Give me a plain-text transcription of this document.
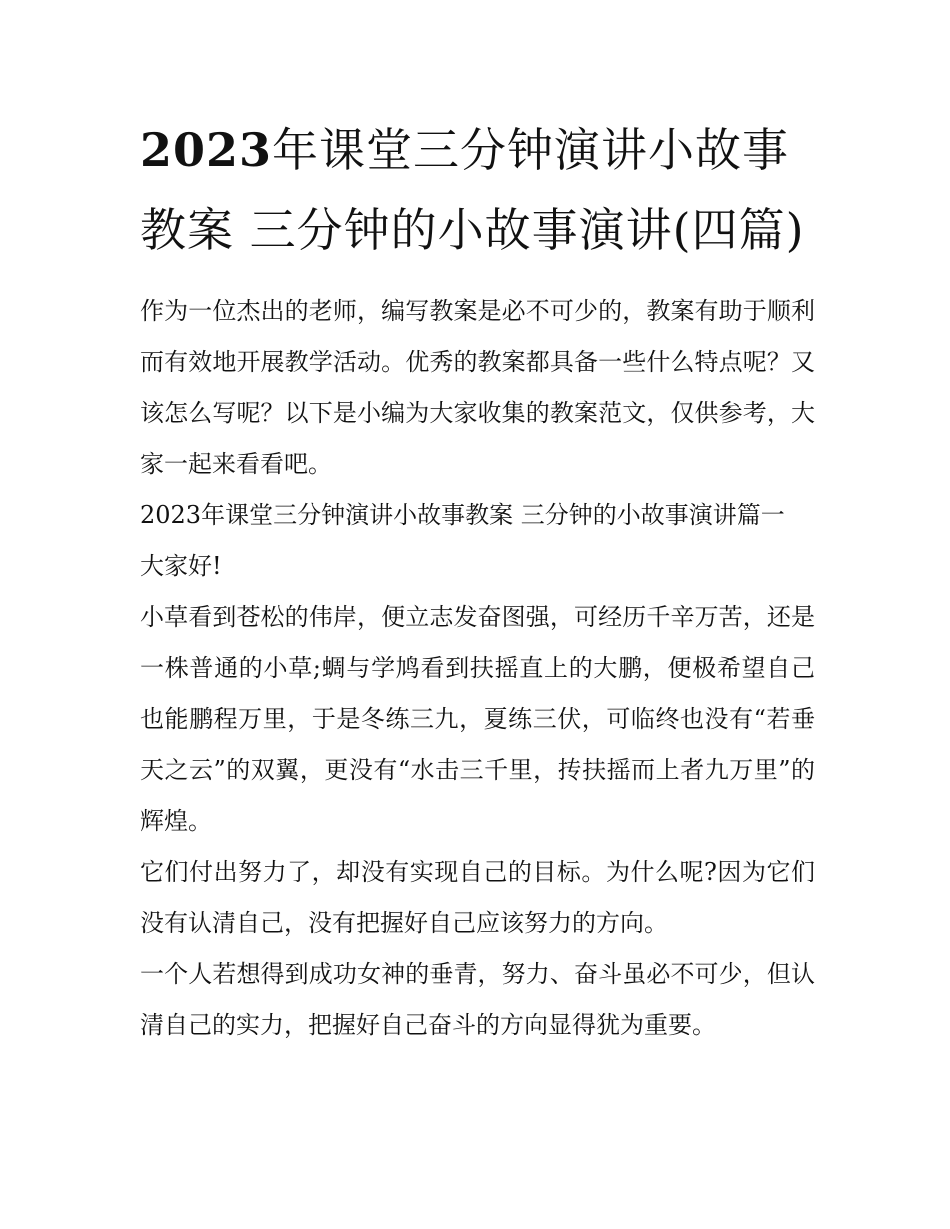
2023年课堂三分钟演讲小故事教案 三分钟的小故事演讲(四篇)

作为一位杰出的老师，编写教案是必不可少的，教案有助于顺利而有效地开展教学活动。优秀的教案都具备一些什么特点呢？又该怎么写呢？以下是小编为大家收集的教案范文，仅供参考，大家一起来看看吧。

2023年课堂三分钟演讲小故事教案 三分钟的小故事演讲篇一

大家好!

小草看到苍松的伟岸，便立志发奋图强，可经历千辛万苦，还是一株普通的小草;蜩与学鸠看到扶摇直上的大鹏，便极希望自己也能鹏程万里，于是冬练三九，夏练三伏，可临终也没有“若垂天之云”的双翼，更没有“水击三千里，抟扶摇而上者九万里”的辉煌。

它们付出努力了，却没有实现自己的目标。为什么呢?因为它们没有认清自己，没有把握好自己应该努力的方向。

一个人若想得到成功女神的垂青，努力、奋斗虽必不可少，但认清自己的实力，把握好自己奋斗的方向显得犹为重要。
